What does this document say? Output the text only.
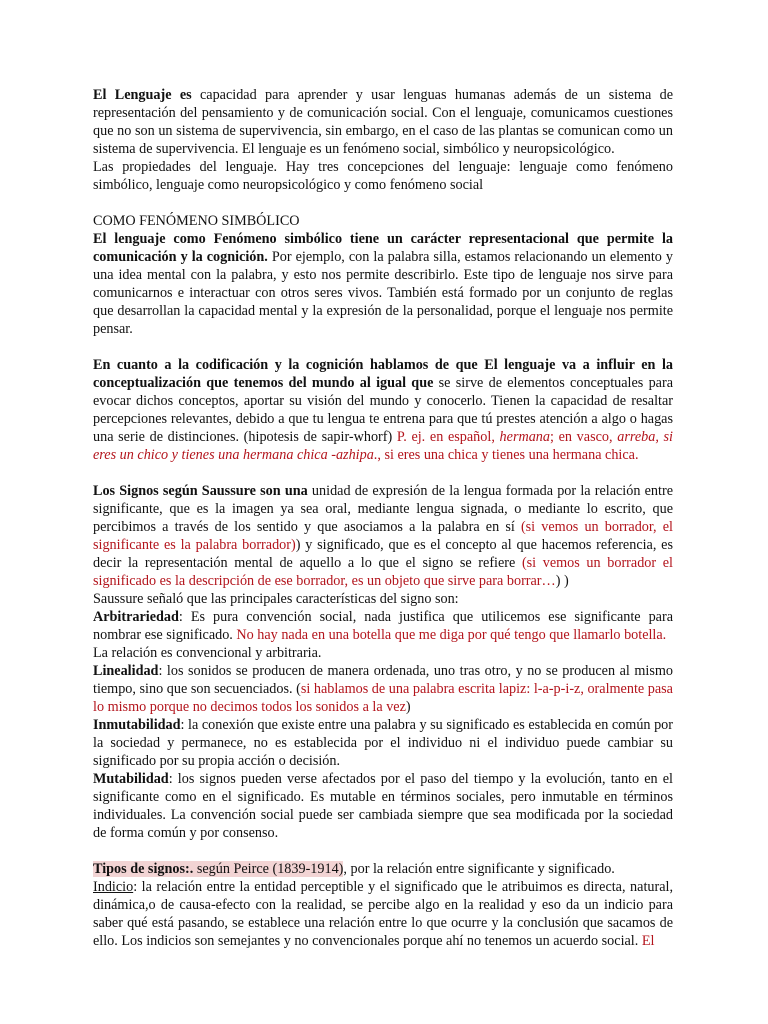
El Lenguaje es capacidad para aprender y usar lenguas humanas además de un sistema de representación del pensamiento y de comunicación social. Con el lenguaje, comunicamos cuestiones que no son un sistema de supervivencia, sin embargo, en el caso de las plantas se comunican como un sistema de supervivencia. El lenguaje es un fenómeno social, simbólico y neuropsicológico.

Las propiedades del lenguaje. Hay tres concepciones del lenguaje: lenguaje como fenómeno simbólico, lenguaje como neuropsicológico y como fenómeno social

COMO FENÓMENO SIMBÓLICO

El lenguaje como Fenómeno simbólico tiene un carácter representacional que permite la comunicación y la cognición. Por ejemplo, con la palabra silla, estamos relacionando un elemento y una idea mental con la palabra, y esto nos permite describirlo. Este tipo de lenguaje nos sirve para comunicarnos e interactuar con otros seres vivos. También está formado por un conjunto de reglas que desarrollan la capacidad mental y la expresión de la personalidad, porque el lenguaje nos permite pensar.

En cuanto a la codificación y la cognición hablamos de que El lenguaje va a influir en la conceptualización que tenemos del mundo al igual que se sirve de elementos conceptuales para evocar dichos conceptos, aportar su visión del mundo y conocerlo. Tienen la capacidad de resaltar percepciones relevantes, debido a que tu lengua te entrena para que tú prestes atención a algo o hagas una serie de distinciones. (hipotesis de sapir-whorf) P. ej. en español, hermana; en vasco, arreba, si eres un chico y tienes una hermana chica -azhipa., si eres una chica y tienes una hermana chica.

Los Signos según Saussure son una unidad de expresión de la lengua formada por la relación entre significante, que es la imagen ya sea oral, mediante lengua signada, o mediante lo escrito, que percibimos a través de los sentido y que asociamos a la palabra en sí (si vemos un borrador, el significante es la palabra borrador)) y significado, que es el concepto al que hacemos referencia, es decir la representación mental de aquello a lo que el signo se refiere (si vemos un borrador el significado es la descripción de ese borrador, es un objeto que sirve para borrar…) )

Saussure señaló que las principales características del signo son:

Arbitrariedad: Es pura convención social, nada justifica que utilicemos ese significante para nombrar ese significado. No hay nada en una botella que me diga por qué tengo que llamarlo botella.

La relación es convencional y arbitraria.

Linealidad: los sonidos se producen de manera ordenada, uno tras otro, y no se producen al mismo tiempo, sino que son secuenciados. (si hablamos de una palabra escrita lapiz: l-a-p-i-z, oralmente pasa lo mismo porque no decimos todos los sonidos a la vez)

Inmutabilidad: la conexión que existe entre una palabra y su significado es establecida en común por la sociedad y permanece, no es establecida por el individuo ni el individuo puede cambiar su significado por su propia acción o decisión.

Mutabilidad: los signos pueden verse afectados por el paso del tiempo y la evolución, tanto en el significante como en el significado. Es mutable en términos sociales, pero inmutable en términos individuales. La convención social puede ser cambiada siempre que sea modificada por la sociedad de forma común y por consenso.

Tipos de signos:. según Peirce (1839-1914), por la relación entre significante y significado.

Indicio: la relación entre la entidad perceptible y el significado que le atribuimos es directa, natural, dinámica,o de causa-efecto con la realidad, se percibe algo en la realidad y eso da un indicio para saber qué está pasando, se establece una relación entre lo que ocurre y la conclusión que sacamos de ello. Los indicios son semejantes y no convencionales porque ahí no tenemos un acuerdo social. El
